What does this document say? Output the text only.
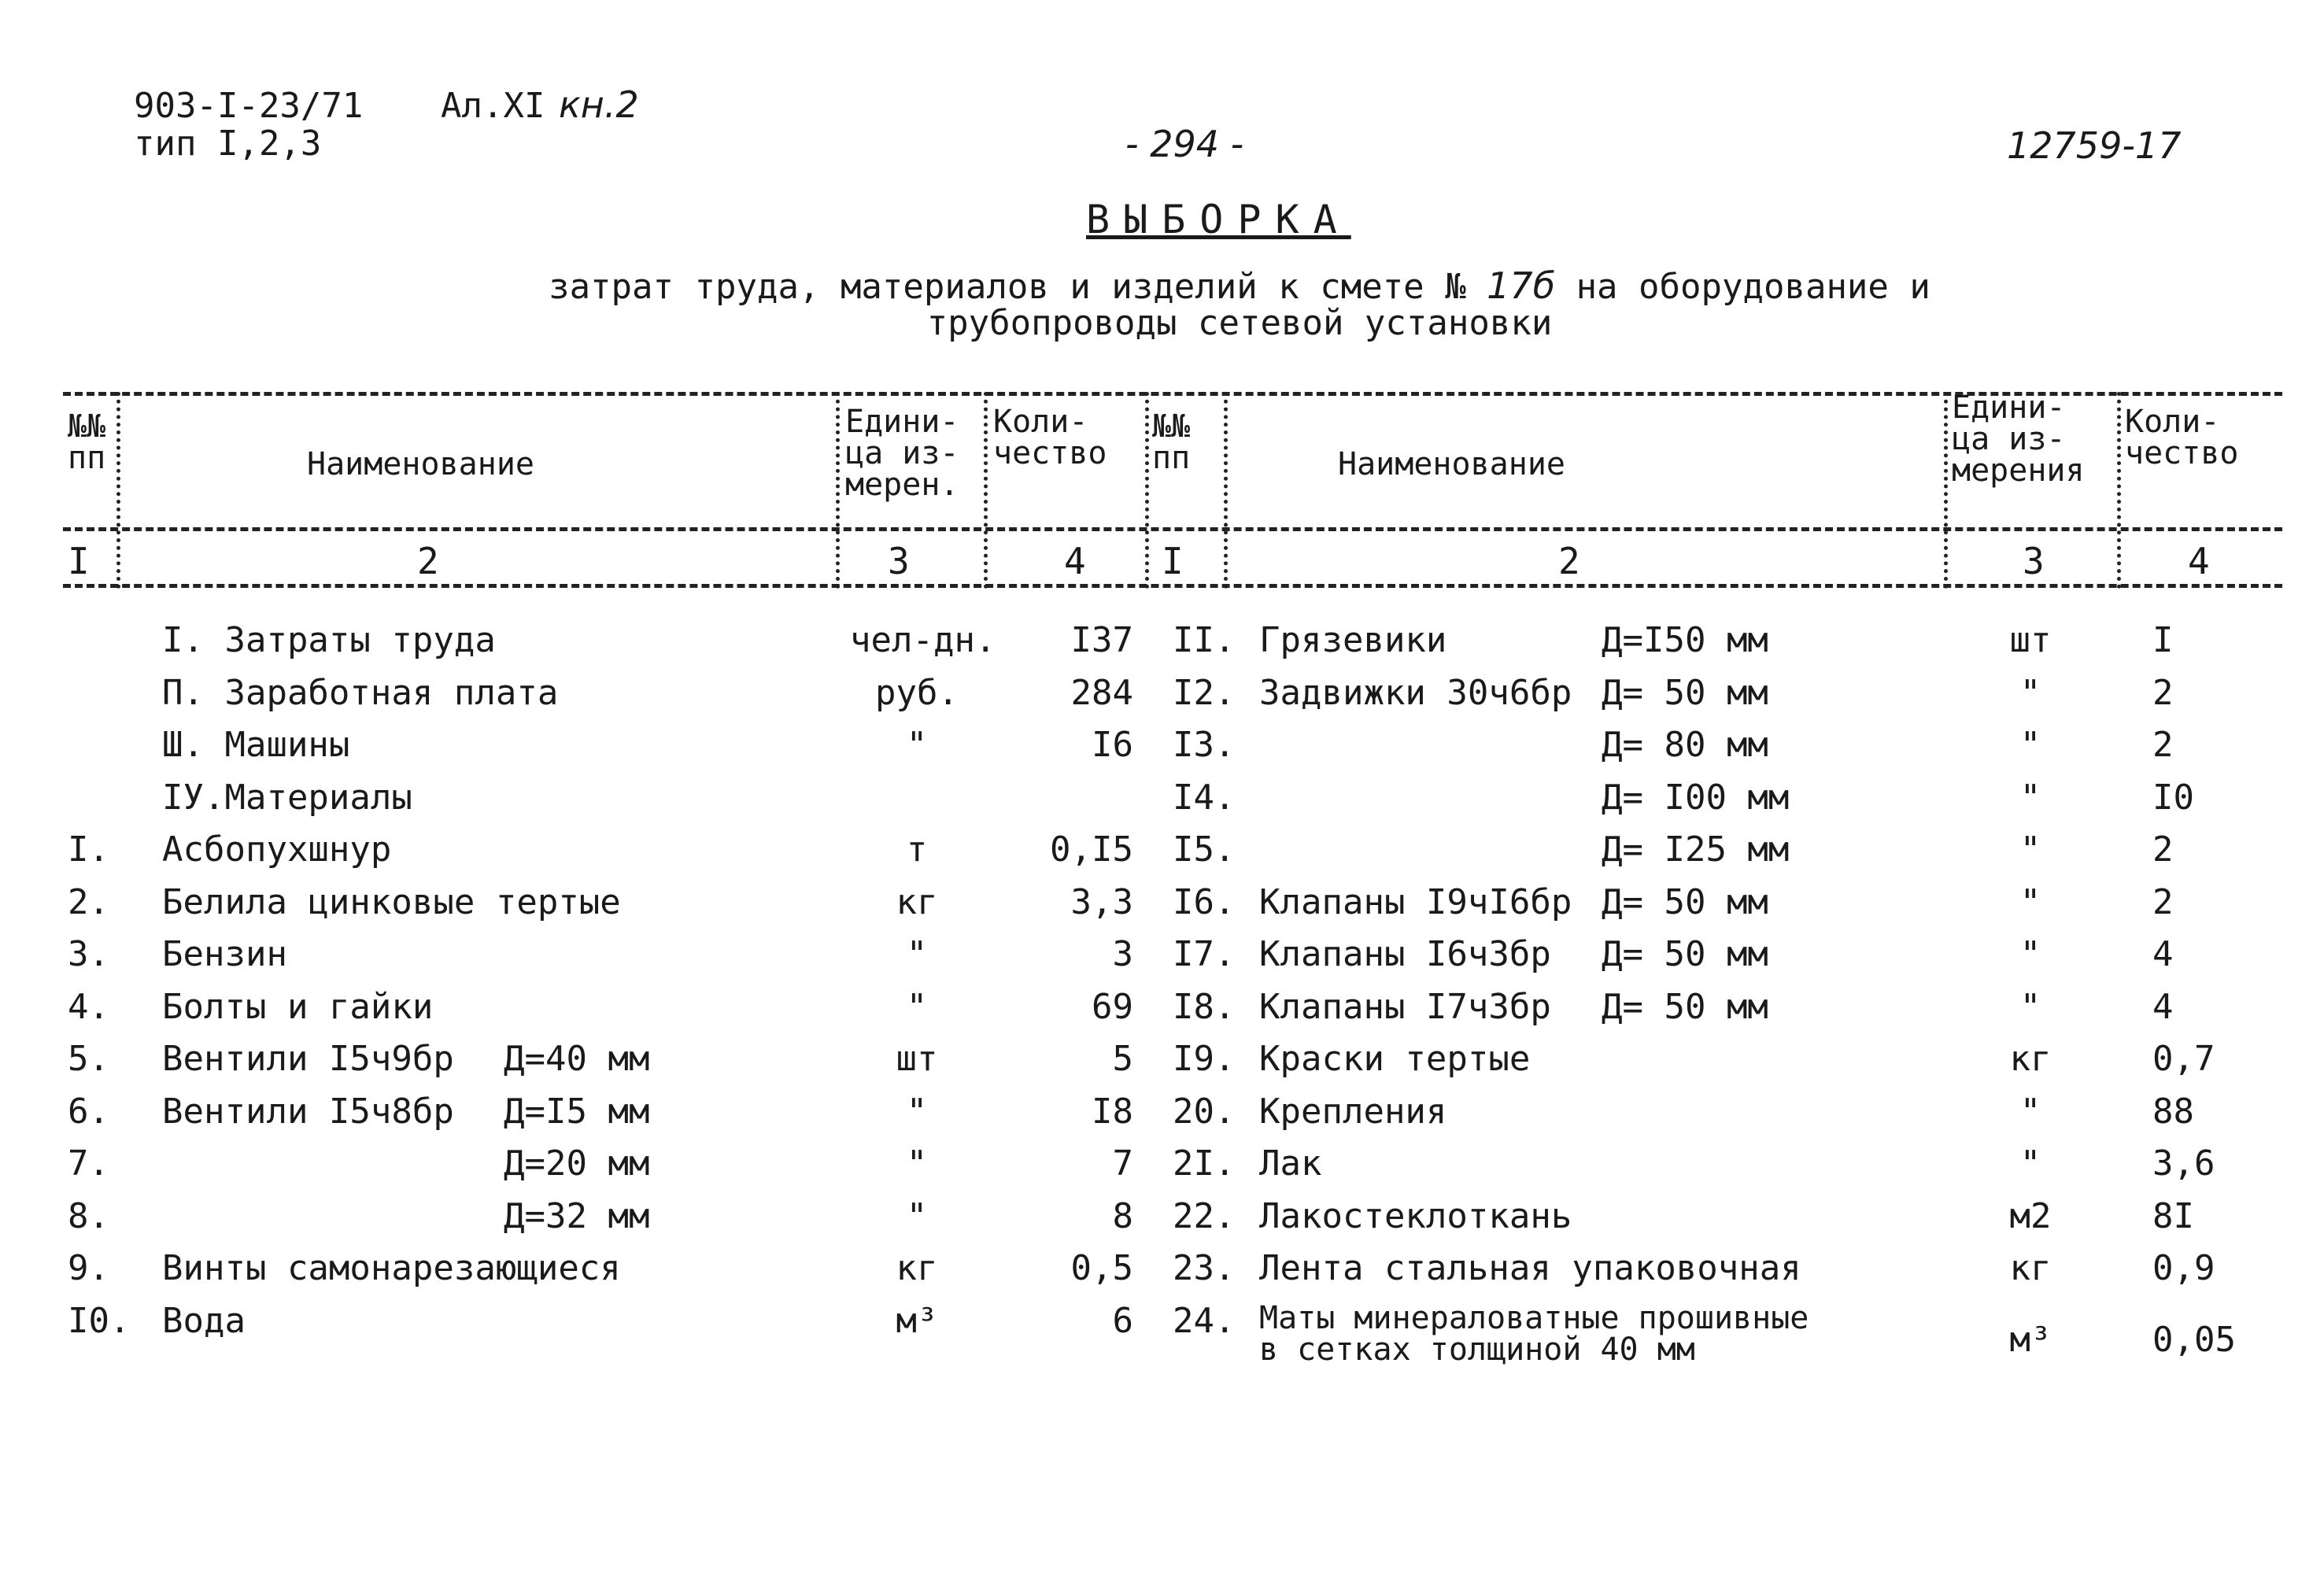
903-I-23/71 Ал.XI кн.2
тип I,2,3	- 294 -	12759-17
ВЫБОРКА
затрат труда, материалов и изделий к смете № 17б на оборудование и
трубопроводы сетевой установки
№№
пп	Наименование
Едини-
ца из-
мерен.
Коли-
чество
№№
пп	Наименование
Едини-
ца из-
мерения
Коли-
чество
I	2	3	4 I	2	3	4
I. Затраты труда	чел-дн.	I37
П. Заработная плата	руб.	284
Ш. Машины	"	I6
IУ.Материалы
I. Асбопухшнур	т	0,I5
2. Белила цинковые тертые	кг	3,3
3. Бензин	"	3
4. Болты и гайки	"	69
5. Вентили I5ч9бр Д=40 мм	шт	5
6. Вентили I5ч8бр Д=I5 мм	"	I8
7.	Д=20 мм	"	7
8.	Д=32 мм	"	8
9. Винты самонарезающиеся	кг	0,5
I0. Вода	м³	6
II. Грязевики	Д=I50 мм	шт	I
I2. Задвижки 30ч6бр Д= 50 мм	"	2
I3.	Д= 80 мм	"	2
I4.	Д= I00 мм	"	I0
I5.	Д= I25 мм	"	2
I6. Клапаны I9чI6бр Д= 50 мм	"	2
I7. Клапаны I6ч3бр Д= 50 мм	"	4
I8. Клапаны I7ч3бр Д= 50 мм	"	4
I9. Краски тертые	кг	0,7
20. Крепления	"	88
2I. Лак	"	3,6
22. Лакостеклоткань	м2	8I
23. Лента стальная упаковочная	кг	0,9
24. Маты минераловатные прошивные
в сетках толщиной 40 мм	м³	0,05
